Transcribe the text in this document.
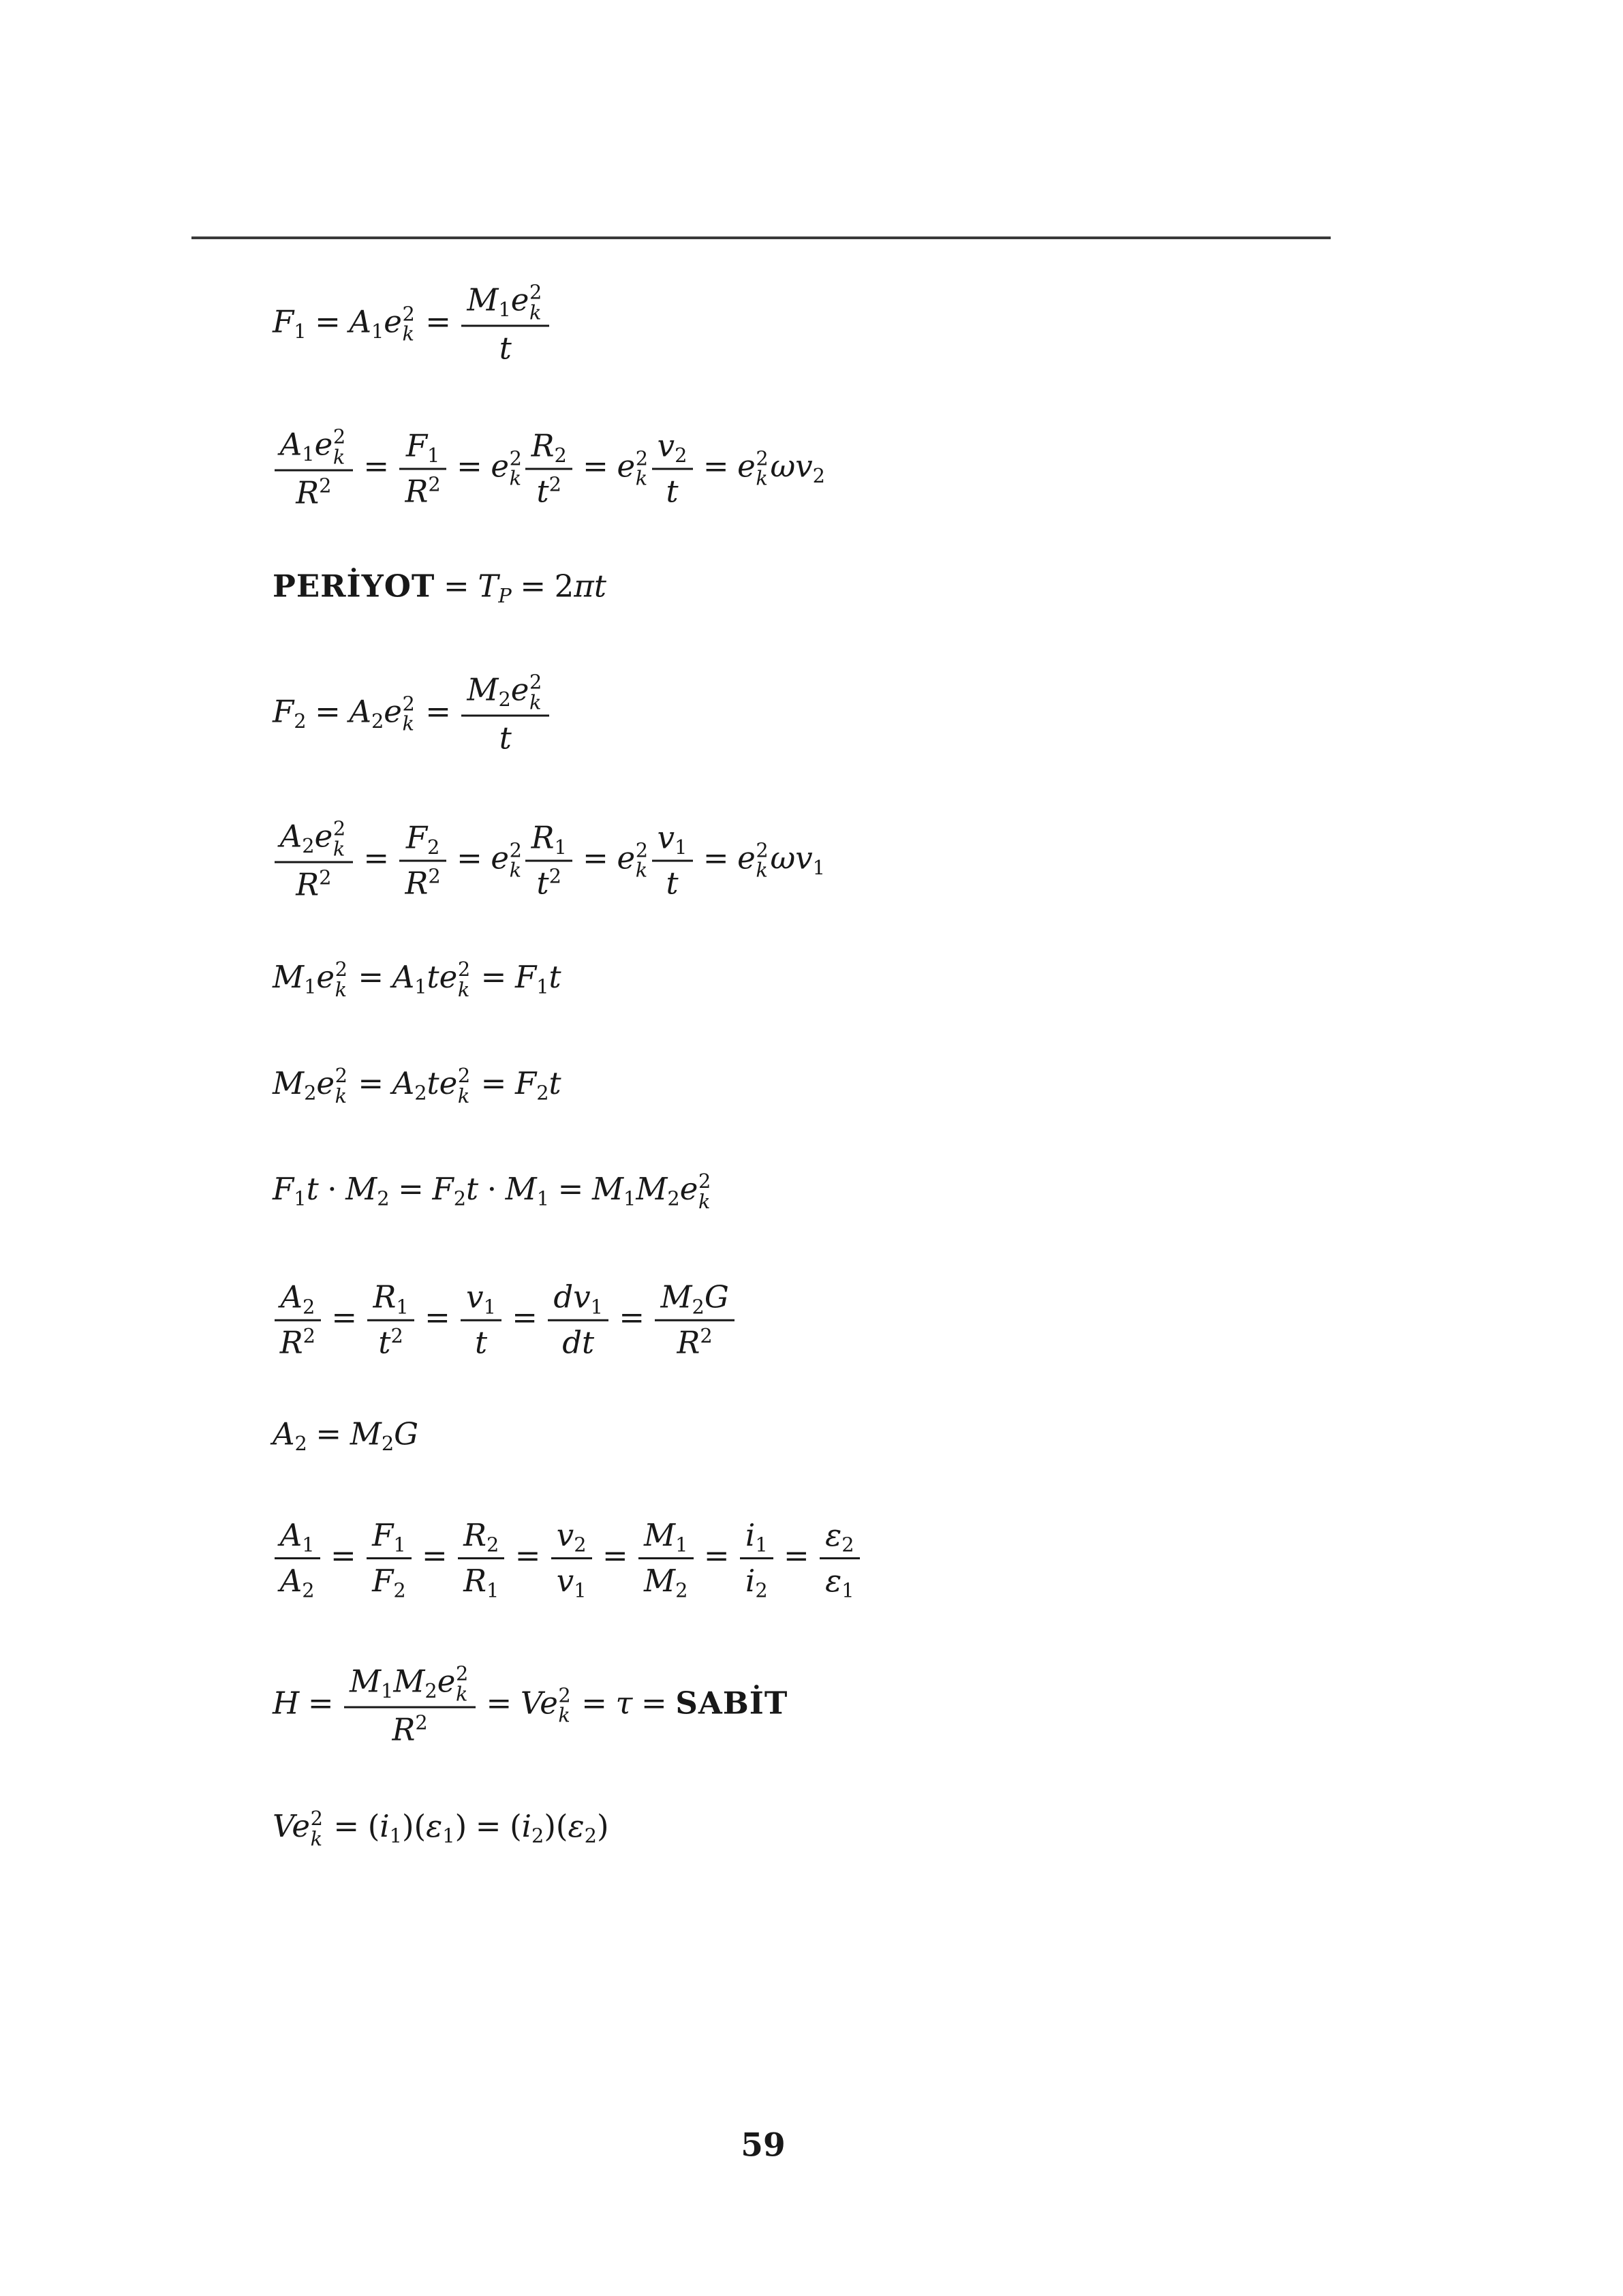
$F_1 = A_1e$ 2
$k = M_1e$ 2
k
t
$A_1e$ 2
k
$R^2 = \frac{F_1}{R^2} = e$ 2
k $\frac{R_2}{t^2} = e$ 2
k $\frac{v_2}{t} = e$ 2
k $\omega v_2$
PERİYOT = $T_P = 2\pi t$
$F_2 = A_2e$ 2
$k = M_2e$ 2
k
t
$A_2e$ 2
k
$R^2 = \frac{F_2}{R^2} = e$ 2
k $\frac{R_1}{t^2} = e$ 2
k $\frac{v_1}{t} = e$ 2
k $\omega v_1$
$M_1e$ 2
$k = A_1te$ 2
$k = F_1t$
$M_2e$ 2
$k = A_2te$ 2
$k = F_2t$
$F_1t \cdot M_2 = F_2t \cdot M_1 = M_1M_2e$ 2
k
$\frac{A_2}{R^2} = \frac{R_1}{t^2} = \frac{v_1}{t} = \frac{dv_1}{dt} = \frac{M_2G}{R^2}$
$A_2 = M_2G$
$\frac{A_1}{A_2} = \frac{F_1}{F_2} = \frac{R_2}{R_1} = \frac{v_2}{v_1} = \frac{M_1}{M_2} = \frac{i_1}{i_2} = \frac{\varepsilon_2}{\varepsilon_1}$
$H = M_1M_2e$ 2
k
$R^2 = Ve$ 2
k = τ = SABİT
Ve 2
$k = (i_1)(\varepsilon_1) = (i_2)(\varepsilon_2)$
59
